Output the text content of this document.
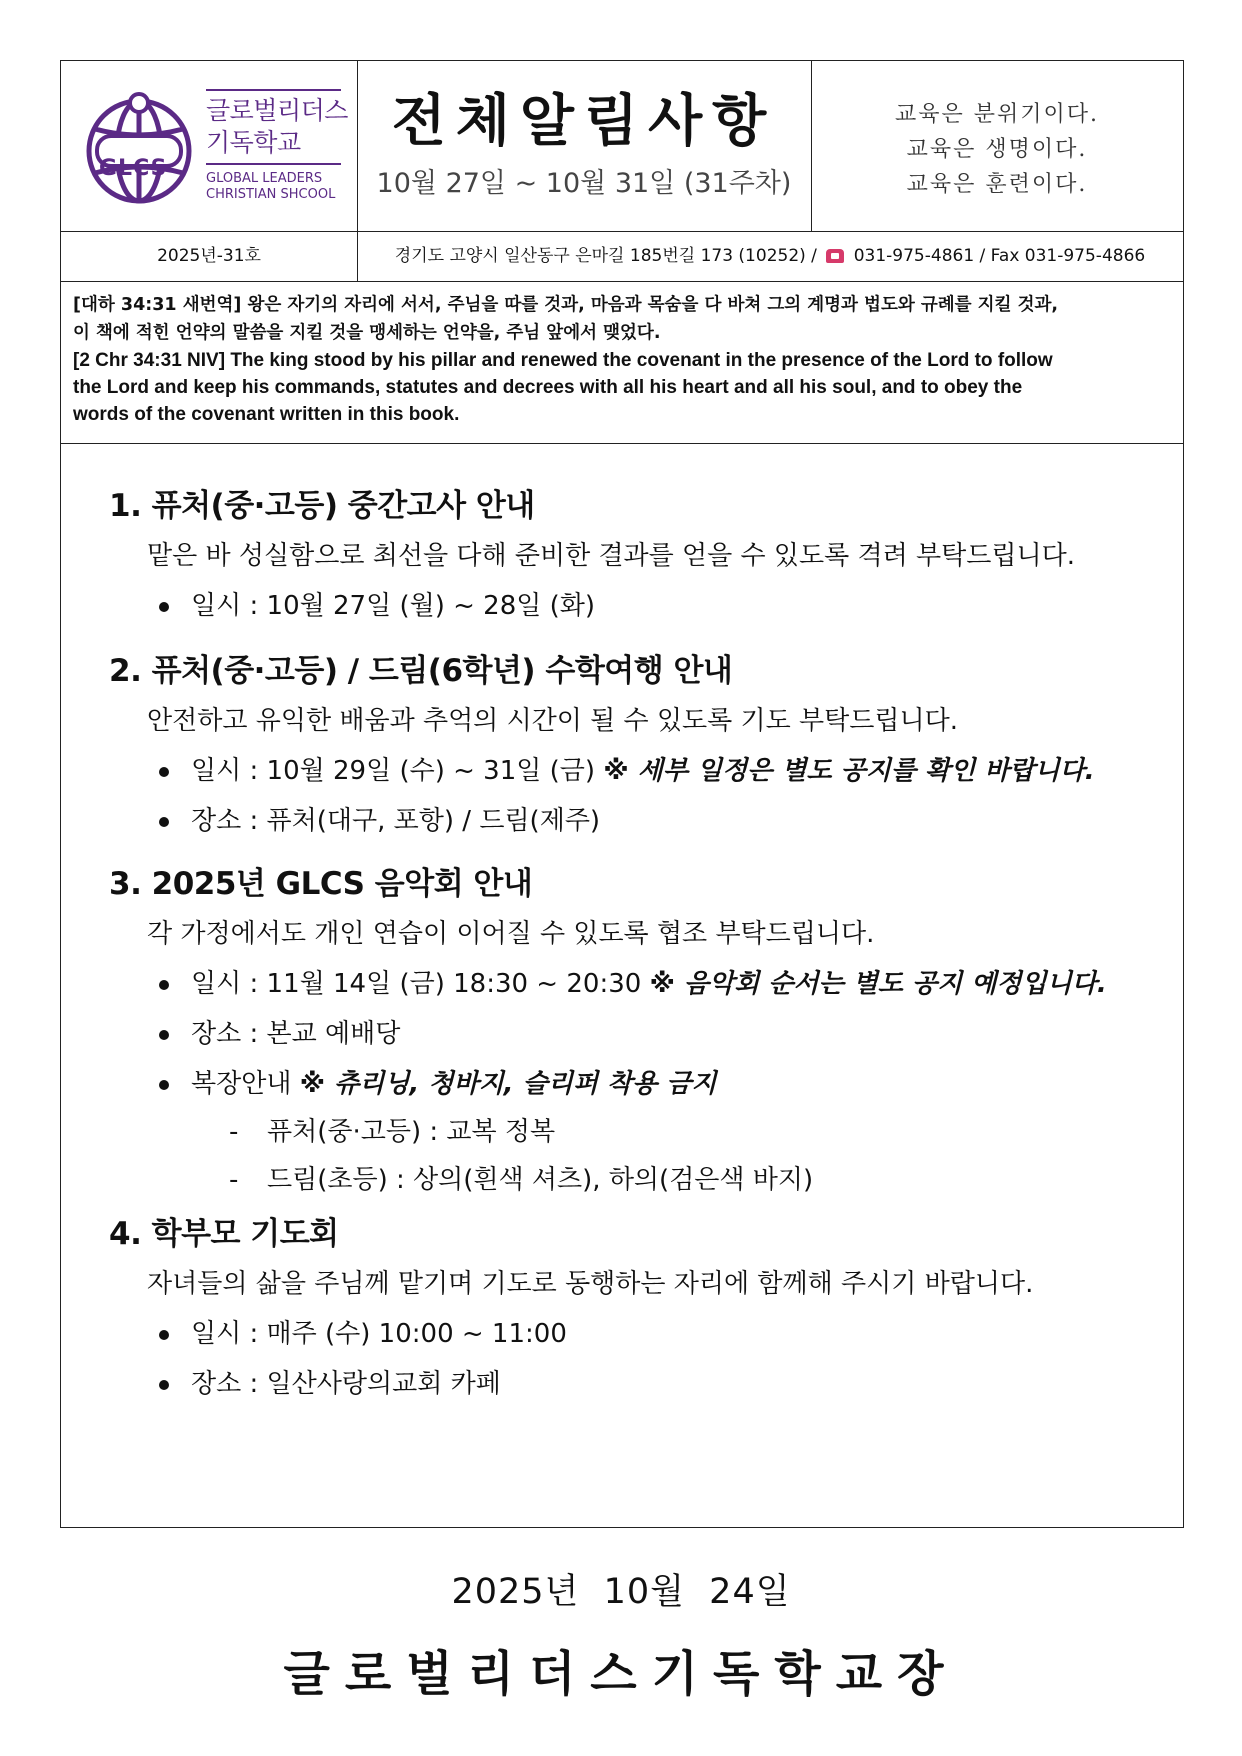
GLCS
글로벌리더스
기독학교
GLOBAL LEADERS
CHRISTIAN SHCOOL
전체알림사항
10월 27일 ~ 10월 31일 (31주차)
교육은 분위기이다.
교육은 생명이다.
교육은 훈련이다.
2025년-31호	경기도 고양시 일산동구 은마길 185번길 173 (10252) / 031-975-4861 / Fax 031-975-4866

[대하 34:31 새번역] 왕은 자기의 자리에 서서, 주님을 따를 것과, 마음과 목숨을 다 바쳐 그의 계명과 법도와 규례를 지킬 것과,

이 책에 적힌 언약의 말씀을 지킬 것을 맹세하는 언약을, 주님 앞에서 맺었다.

[2 Chr 34:31 NIV] The king stood by his pillar and renewed the covenant in the presence of the Lord to follow

the Lord and keep his commands, statutes and decrees with all his heart and all his soul, and to obey the

words of the covenant written in this book.

1. 퓨처(중·고등) 중간고사 안내
맡은 바 성실함으로 최선을 다해 준비한 결과를 얻을 수 있도록 격려 부탁드립니다.
일시 : 10월 27일 (월) ~ 28일 (화)
2. 퓨처(중·고등) / 드림(6학년) 수학여행 안내
안전하고 유익한 배움과 추억의 시간이 될 수 있도록 기도 부탁드립니다.
일시 : 10월 29일 (수) ~ 31일 (금) ※ 세부 일정은 별도 공지를 확인 바랍니다.
장소 : 퓨처(대구, 포항) / 드림(제주)
3. 2025년 GLCS 음악회 안내
각 가정에서도 개인 연습이 이어질 수 있도록 협조 부탁드립니다.
일시 : 11월 14일 (금) 18:30 ~ 20:30 ※ 음악회 순서는 별도 공지 예정입니다.
장소 : 본교 예배당
복장안내 ※ 츄리닝, 청바지, 슬리퍼 착용 금지
- 퓨처(중·고등) : 교복 정복
- 드림(초등) : 상의(흰색 셔츠), 하의(검은색 바지)
4. 학부모 기도회
자녀들의 삶을 주님께 맡기며 기도로 동행하는 자리에 함께해 주시기 바랍니다.
일시 : 매주 (수) 10:00 ~ 11:00
장소 : 일산사랑의교회 카페
2025년  10월  24일
글로벌리더스기독학교장
